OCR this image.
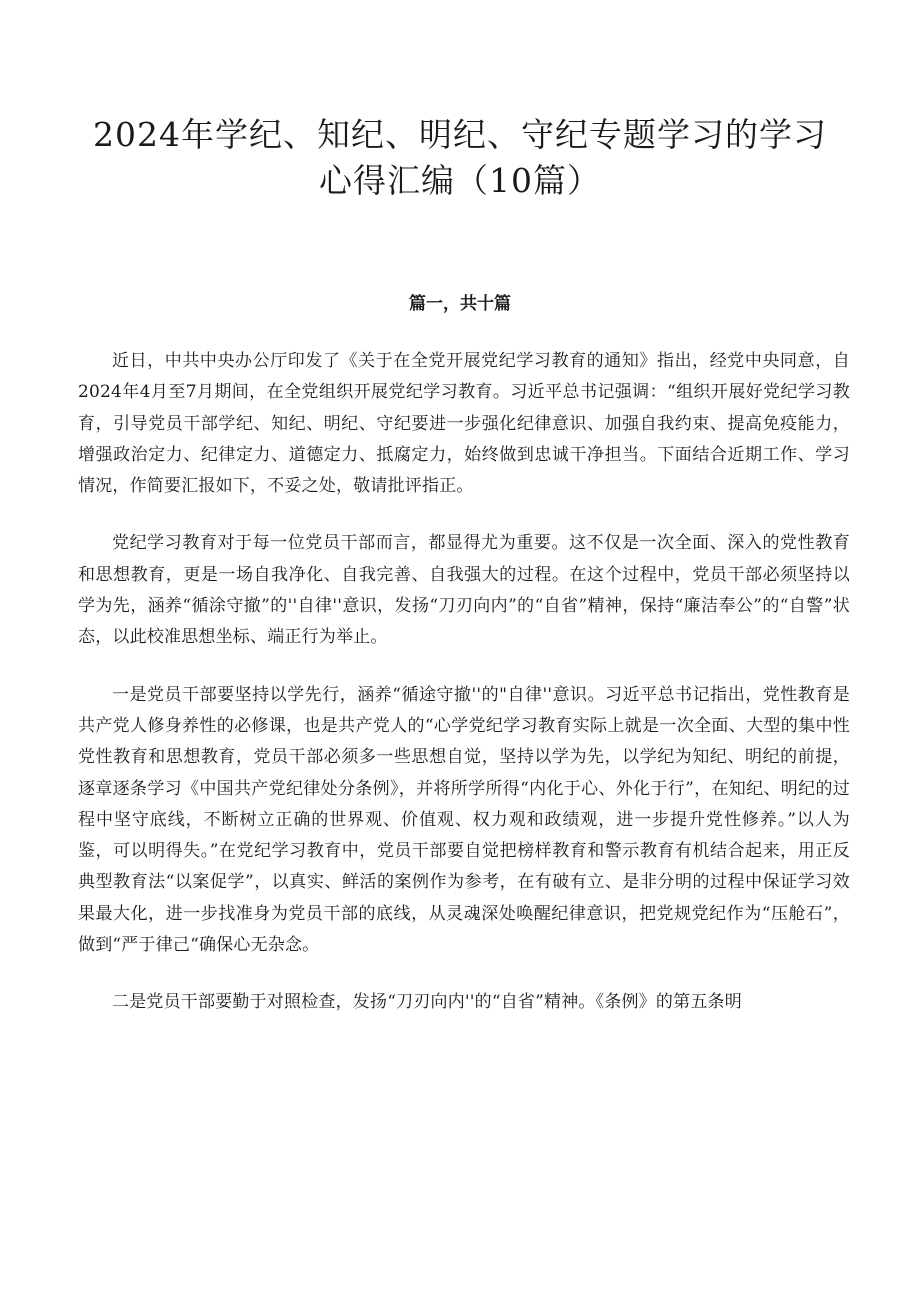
2024年学纪、知纪、明纪、守纪专题学习的学习心得汇编（10篇）
篇一，共十篇

近日，中共中央办公厅印发了《关于在全党开展党纪学习教育的通知》指出，经党中央同意，自2024年4月至7月期间，在全党组织开展党纪学习教育。习近平总书记强调：“组织开展好党纪学习教育，引导党员干部学纪、知纪、明纪、守纪要进一步强化纪律意识、加强自我约束、提高免疫能力，增强政治定力、纪律定力、道德定力、抵腐定力，始终做到忠诚干净担当。下面结合近期工作、学习情况，作简要汇报如下，不妥之处，敬请批评指正。

党纪学习教育对于每一位党员干部而言，都显得尤为重要。这不仅是一次全面、深入的党性教育和思想教育，更是一场自我净化、自我完善、自我强大的过程。在这个过程中，党员干部必须坚持以学为先，涵养“循涂守撤”的''自律''意识，发扬“刀刃向内”的“自省”精神，保持“廉洁奉公”的“自警”状态，以此校准思想坐标、端正行为举止。

一是党员干部要坚持以学先行，涵养“循途守撤''的"自律''意识。习近平总书记指出，党性教育是共产党人修身养性的必修课，也是共产党人的“心学党纪学习教育实际上就是一次全面、大型的集中性党性教育和思想教育，党员干部必须多一些思想自觉，坚持以学为先，以学纪为知纪、明纪的前提，逐章逐条学习《中国共产党纪律处分条例》，并将所学所得“内化于心、外化于行”，在知纪、明纪的过程中坚守底线，不断树立正确的世界观、价值观、权力观和政绩观，进一步提升党性修养。”以人为鉴，可以明得失。”在党纪学习教育中，党员干部要自觉把榜样教育和警示教育有机结合起来，用正反典型教育法“以案促学”，以真实、鲜活的案例作为参考，在有破有立、是非分明的过程中保证学习效果最大化，进一步找准身为党员干部的底线，从灵魂深处唤醒纪律意识，把党规党纪作为“压舱石”，做到“严于律己“确保心无杂念。

二是党员干部要勤于对照检查，发扬“刀刃向内''的“自省”精神。《条例》的第五条明
